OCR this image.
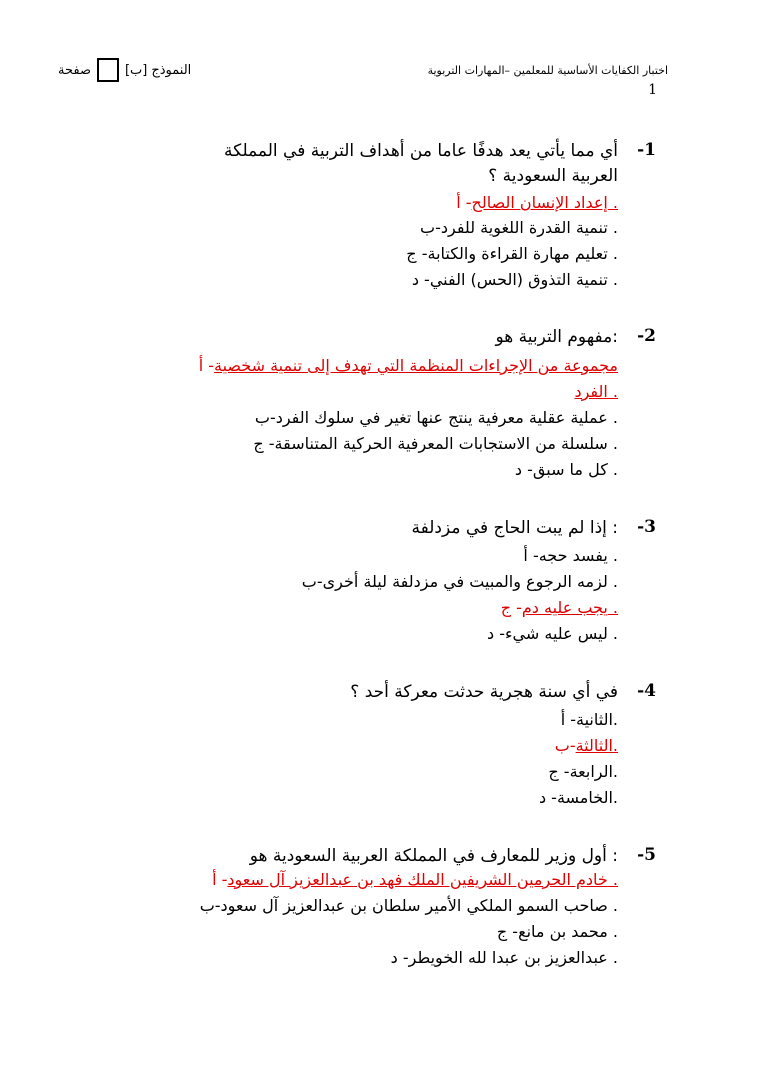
النموذج
[ب]
صفحة	اختبار الكفايات الأساسية للمعلمين –المهارات التربوية
1
-1
أي مما يأتي يعد هدفًا عاما من أهداف التربية في المملكة
العربية السعودية ؟
أ -إعداد الإنسان الصالح .
ب-تنمية القدرة اللغوية للفرد .
ج -تعليم مهارة القراءة والكتابة .
د -تنمية التذوق (الحس) الفني .
-2
مفهوم التربية هو:
أ -مجموعة من الإجراءات المنظمة التي تهدف إلى تنمية شخصية
الفرد .
ب-عملية عقلية معرفية ينتج عنها تغير في سلوك الفرد .
ج -سلسلة من الاستجابات المعرفية الحركية المتناسقة .
د -كل ما سبق .
-3
إذا لم يبت الحاج في مزدلفة :
أ -يفسد حجه .
ب-لزمه الرجوع والمبيت في مزدلفة ليلة أخرى .
ج -يجب عليه دم .
د -ليس عليه شيء .
-4
في أي سنة هجرية حدثت معركة أحد ؟
أ -الثانية.
ب-الثالثة.
ج -الرابعة.
د -الخامسة.
-5
أول وزير للمعارف في المملكة العربية السعودية هو :
أ -خادم الحرمين الشريفين الملك فهد بن عبدالعزيز آل سعود .
ب-صاحب السمو الملكي الأمير سلطان بن عبدالعزيز آل سعود .
ج -محمد بن مانع .
د -عبدالعزيز بن عبدا لله الخويطر .
